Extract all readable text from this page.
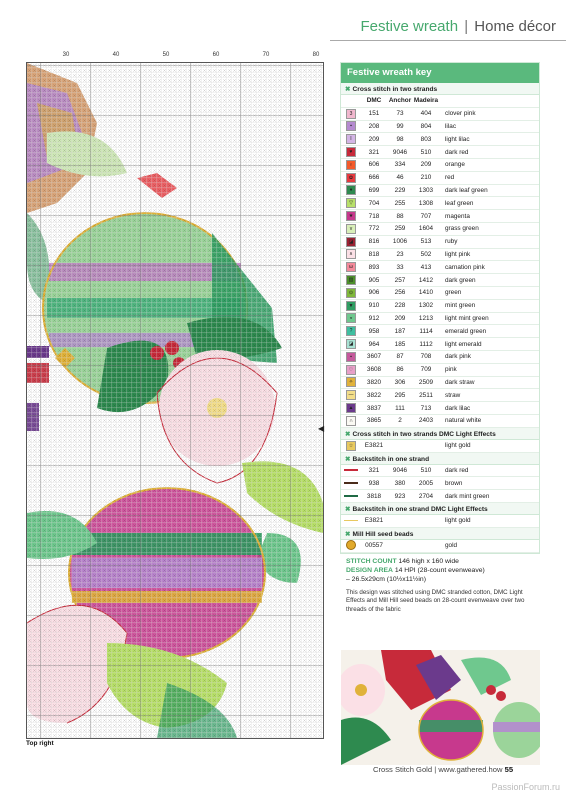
Festive wreath | Home décor
30	40	50	60	70	80
◀
Top right
Festive wreath key
✖ Cross stitch in two strands
	DMC	Anchor	Madeira	
3	151	73	404	clover pink
▪	208	99	804	lilac
I	209	98	803	light lilac
♥	321	9046	510	dark red
♀	606	334	209	orange
✿	666	46	210	red
♦	699	229	1303	dark leaf green
▽	704	255	1308	leaf green
★	718	88	707	magenta
v	772	259	1604	grass green
◪	816	1006	513	ruby
∧	818	23	502	light pink
ω	893	33	413	carnation pink
▥	905	257	1412	dark green
⊙	906	256	1410	green
▼	910	228	1302	mint green
◒	912	209	1213	light mint green
?	958	187	1114	emerald green
◪	964	185	1112	light emerald
▪	3607	87	708	dark pink
♡	3608	86	709	pink
✧	3820	306	2509	dark straw
—	3822	295	2511	straw
▲	3837	111	713	dark lilac
∩	3865	2	2403	natural white
✖ Cross stitch in two strands DMC Light Effects
☆	E3821			light gold
✖ Backstitch in one strand
	321	9046	510	dark red
	938	380	2005	brown
	3818	923	2704	dark mint green
✖ Backstitch in one strand DMC Light Effects
	E3821			light gold
✖ Mill Hill seed beads
	00557			gold
STITCH COUNT 146 high x 160 wide
DESIGN AREA 14 HPI (28-count evenweave)
– 26.5x29cm (10½x11½in)
This design was stitched using DMC stranded cotton, DMC Light Effects and Mill Hill seed beads on 28-count evenweave over two threads of the fabric
Cross Stitch Gold | www.gathered.how 55
PassionForum.ru
